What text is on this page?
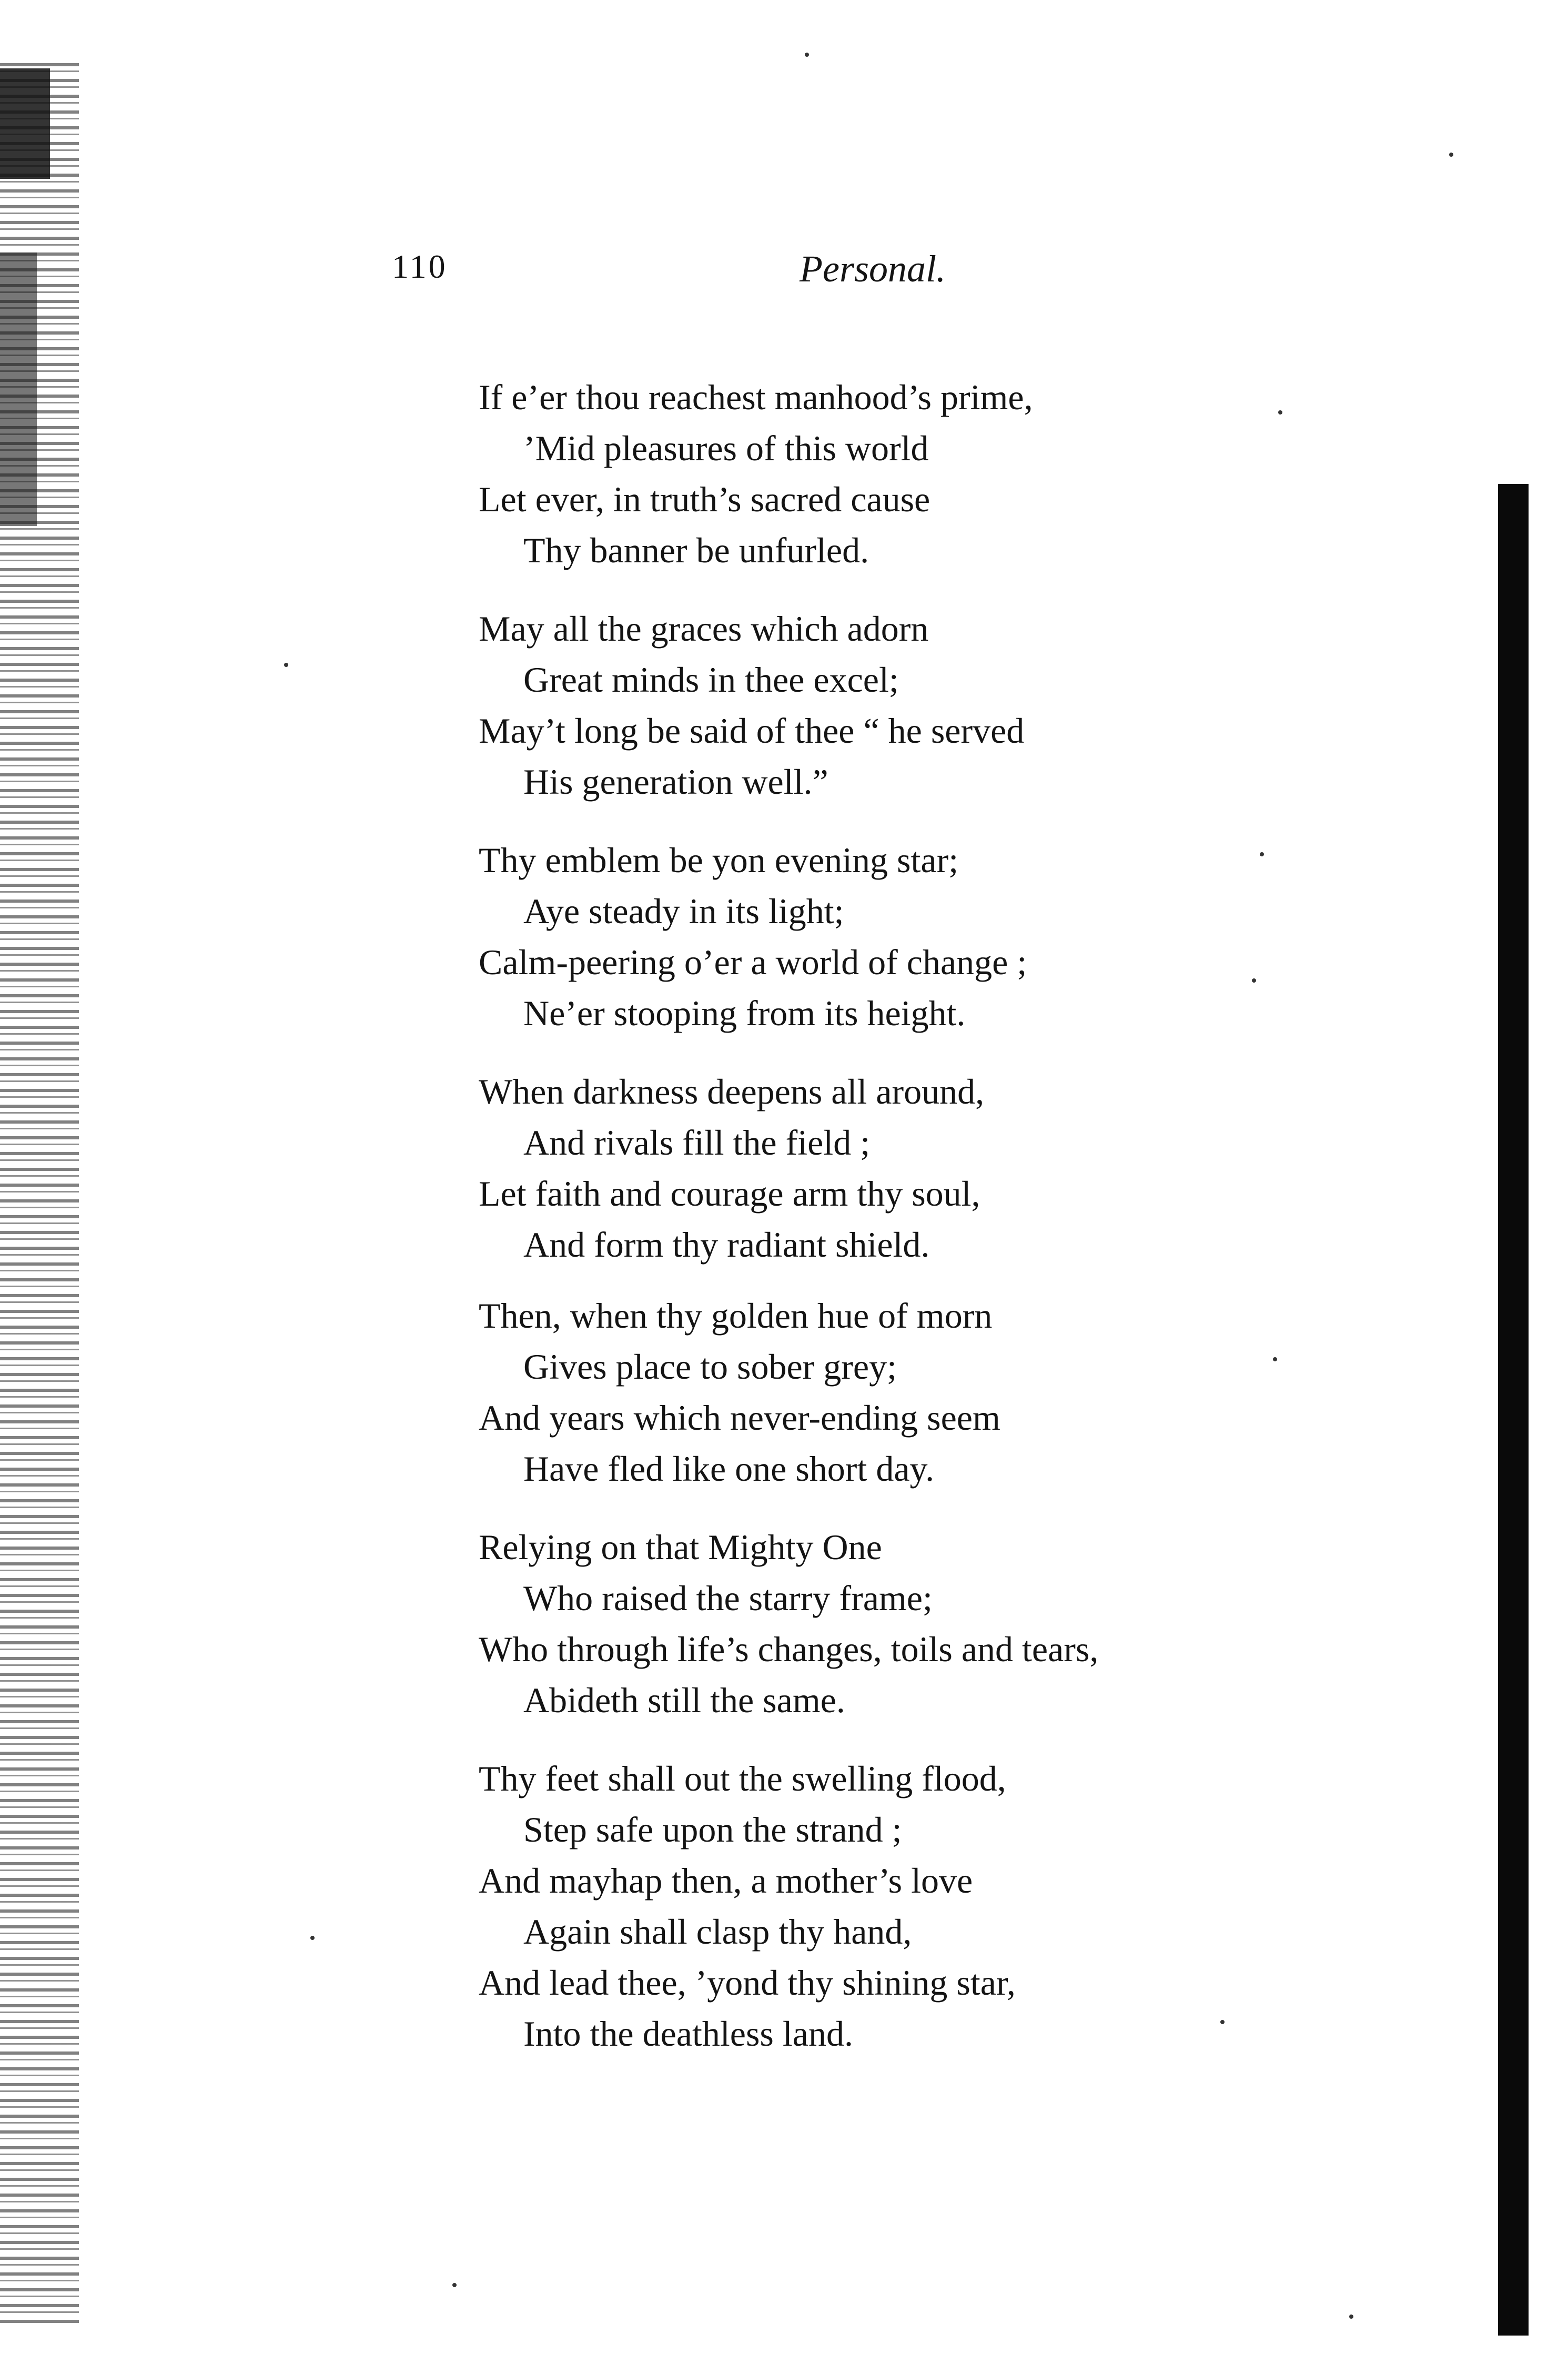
110	Personal.
If e’er thou reachest manhood’s prime,
’Mid pleasures of this world
Let ever, in truth’s sacred cause
Thy banner be unfurled.
May all the graces which adorn
Great minds in thee excel;
May’t long be said of thee “ he served
His generation well.”
Thy emblem be yon evening star;
Aye steady in its light;
Calm-peering o’er a world of change ;
Ne’er stooping from its height.
When darkness deepens all around,
And rivals fill the field ;
Let faith and courage arm thy soul,
And form thy radiant shield.
Then, when thy golden hue of morn
Gives place to sober grey;
And years which never-ending seem
Have fled like one short day.
Relying on that Mighty One
Who raised the starry frame;
Who through life’s changes, toils and tears,
Abideth still the same.
Thy feet shall out the swelling flood,
Step safe upon the strand ;
And mayhap then, a mother’s love
Again shall clasp thy hand,
And lead thee, ’yond thy shining star,
Into the deathless land.
